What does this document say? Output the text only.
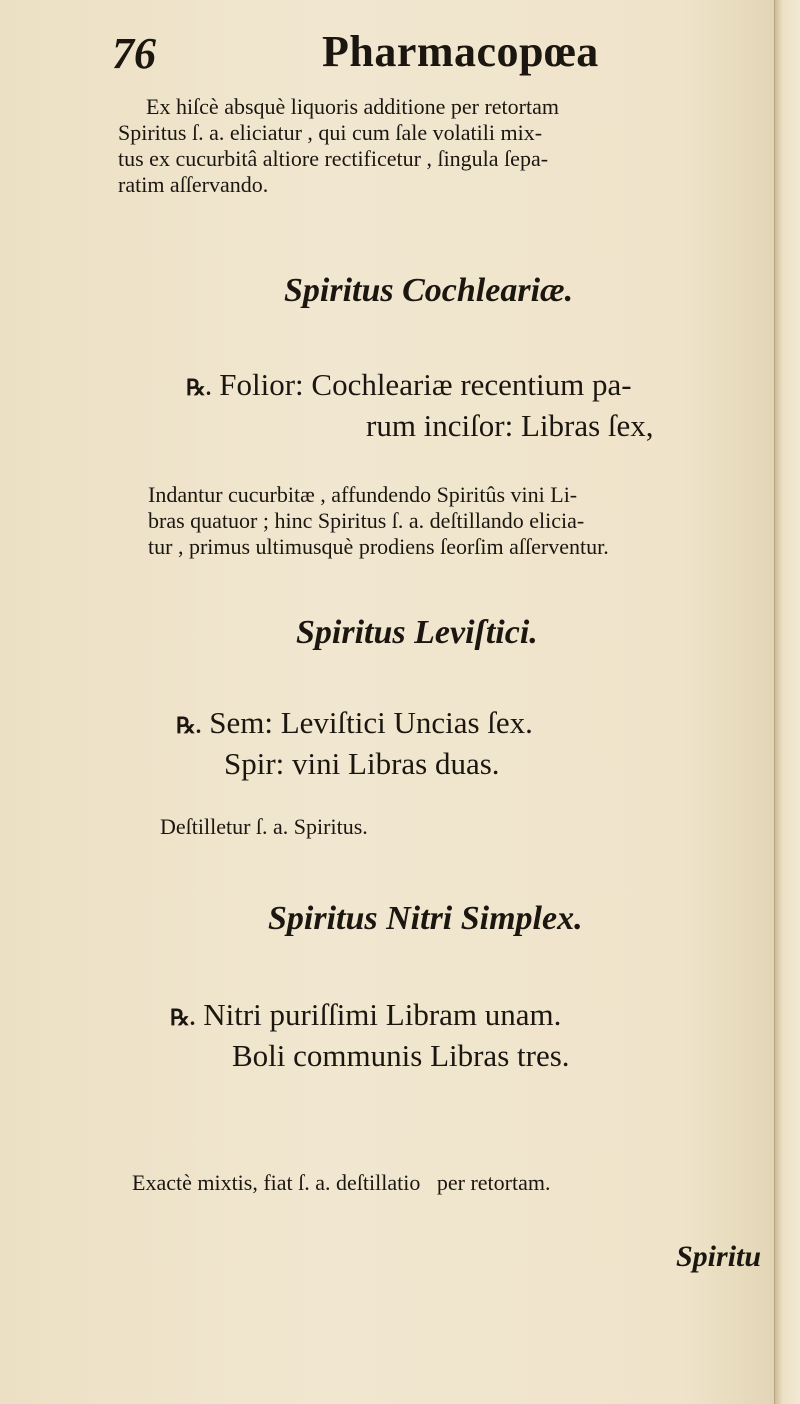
76	Pharmacopœa
Ex hiſcè absquè liquoris additione per retortam
Spiritus ſ. a. eliciatur , qui cum ſale volatili mix-
tus ex cucurbitâ altiore rectificetur , ſingula ſepa-
ratim aſſervando.
Spiritus Cochleariæ.
℞. Folior: Cochleariæ recentium pa-
rum inciſor: Libras ſex,
Indantur cucurbitæ , affundendo Spiritûs vini Li-
bras quatuor ; hinc Spiritus ſ. a. deſtillando elicia-
tur , primus ultimusquè prodiens ſeorſim aſſerventur.
Spiritus Leviſtici.
℞. Sem: Leviſtici Uncias ſex.
Spir: vini Libras duas.
Deſtilletur ſ. a. Spiritus.
Spiritus Nitri Simplex.
℞. Nitri puriſſimi Libram unam.
Boli communis Libras tres.

Exactè mixtis, fiat ſ. a. deſtillatio   per retortam.

Spiritu
